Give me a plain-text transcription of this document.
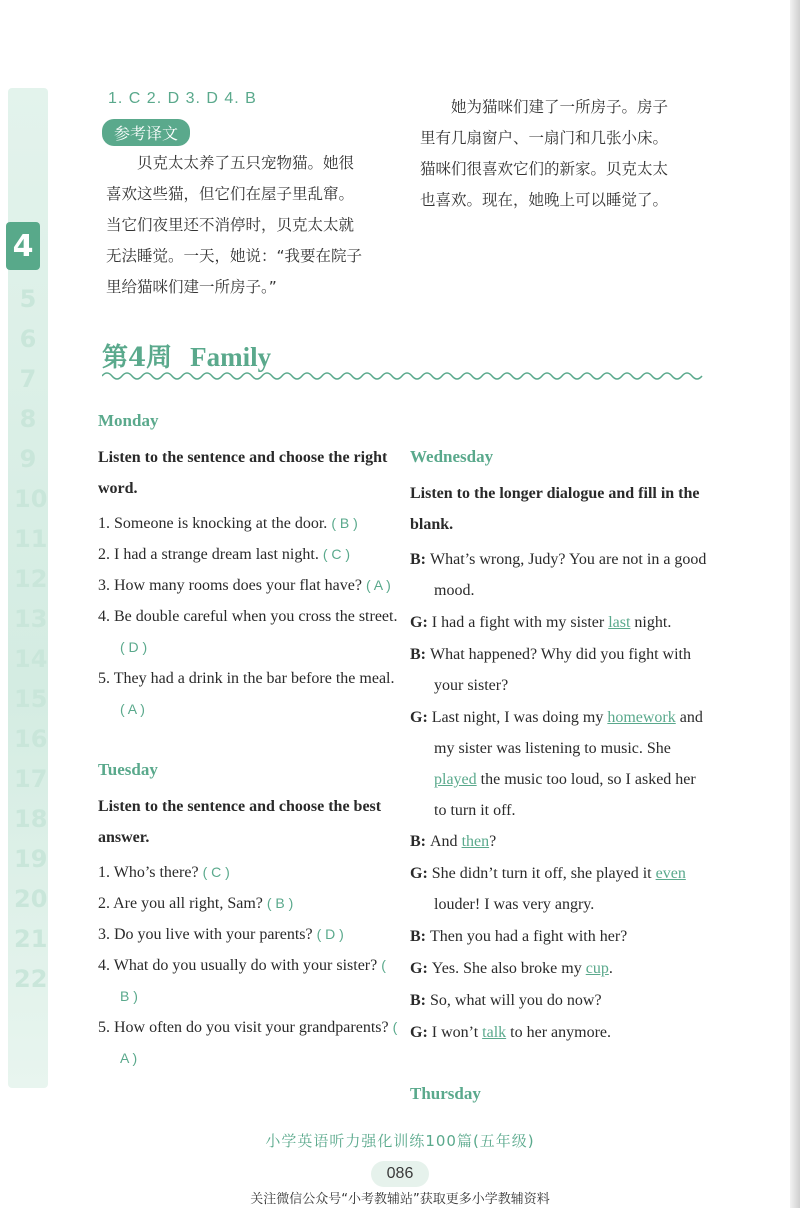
4
5
6
7
8
9
10
11
12
13
14
15
16
17
18
19
20
21
22
1. C 2. D 3. D 4. B
参考译文

贝克太太养了五只宠物猫。她很

喜欢这些猫，但它们在屋子里乱窜。

当它们夜里还不消停时，贝克太太就

无法睡觉。一天，她说：“我要在院子

里给猫咪们建一所房子。”

她为猫咪们建了一所房子。房子

里有几扇窗户、一扇门和几张小床。

猫咪们很喜欢它们的新家。贝克太太

也喜欢。现在，她晚上可以睡觉了。

第4周 Family
Monday
Listen to the sentence and choose the right word.

1. Someone is knocking at the door. ( B )

2. I had a strange dream last night. ( C )

3. How many rooms does your flat have? ( A )

4. Be double careful when you cross the street. ( D )

5. They had a drink in the bar before the meal. ( A )

Tuesday
Listen to the sentence and choose the best answer.

1. Who’s there? ( C )

2. Are you all right, Sam? ( B )

3. Do you live with your parents? ( D )

4. What do you usually do with your sister? ( B )

5. How often do you visit your grandparents? ( A )

Wednesday
Listen to the longer dialogue and fill in the blank.

B: What’s wrong, Judy? You are not in a good mood.

G: I had a fight with my sister last night.

B: What happened? Why did you fight with your sister?

G: Last night, I was doing my homework and my sister was listening to music. She played the music too loud, so I asked her to turn it off.

B: And then?

G: She didn’t turn it off, she played it even louder! I was very angry.

B: Then you had a fight with her?

G: Yes. She also broke my cup.

B: So, what will you do now?

G: I won’t talk to her anymore.

Thursday
小学英语听力强化训练100篇(五年级)
086
关注微信公众号“小考教辅站”获取更多小学教辅资料
